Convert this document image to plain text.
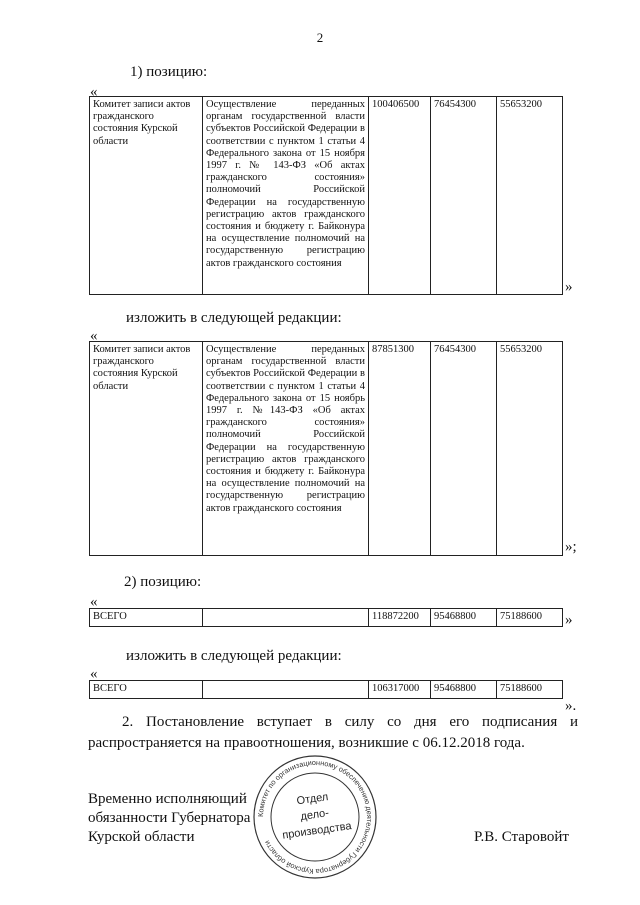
2
1) позицию:
«
Комитет записи актов гражданского состояния Курской области	Осуществление переданных органам государственной власти субъектов Российской Федерации в соответствии с пунктом 1 статьи 4 Федерального закона от 15 ноября 1997 г. № 143-ФЗ «Об актах гражданского состояния» полномочий Российской Федерации на государственную регистрацию актов гражданского состояния и бюджету г. Байконура на осуществление полномочий на государственную регистрацию актов гражданского состояния	100406500	76454300	55653200
»
изложить в следующей редакции:
«
Комитет записи актов гражданского состояния Курской области	Осуществление переданных органам государственной власти субъектов Российской Федерации в соответствии с пунктом 1 статьи 4 Федерального закона от 15 ноябрь 1997 г. №143-ФЗ «Об актах гражданского состояния» полномочий Российской Федерации на государственную регистрацию актов гражданского состояния и бюджету г. Байконура на осуществление полномочий на государственную регистрацию актов гражданского состояния	87851300	76454300	55653200
»;
2) позицию:
«
ВСЕГО		118872200	95468800	75188600 »
изложить в следующей редакции:
«
ВСЕГО		106317000	95468800	75188600
».
2. Постановление вступает в силу со дня его подписания и распространяется на правоотношения, возникшие с 06.12.2018 года.
Временно исполняющий
обязанности Губернатора
Курской области	Р.В. Старовойт
Комитет по организационному обеспечению деятельности Губернатора Курской области
Отдел
дело-
производства
